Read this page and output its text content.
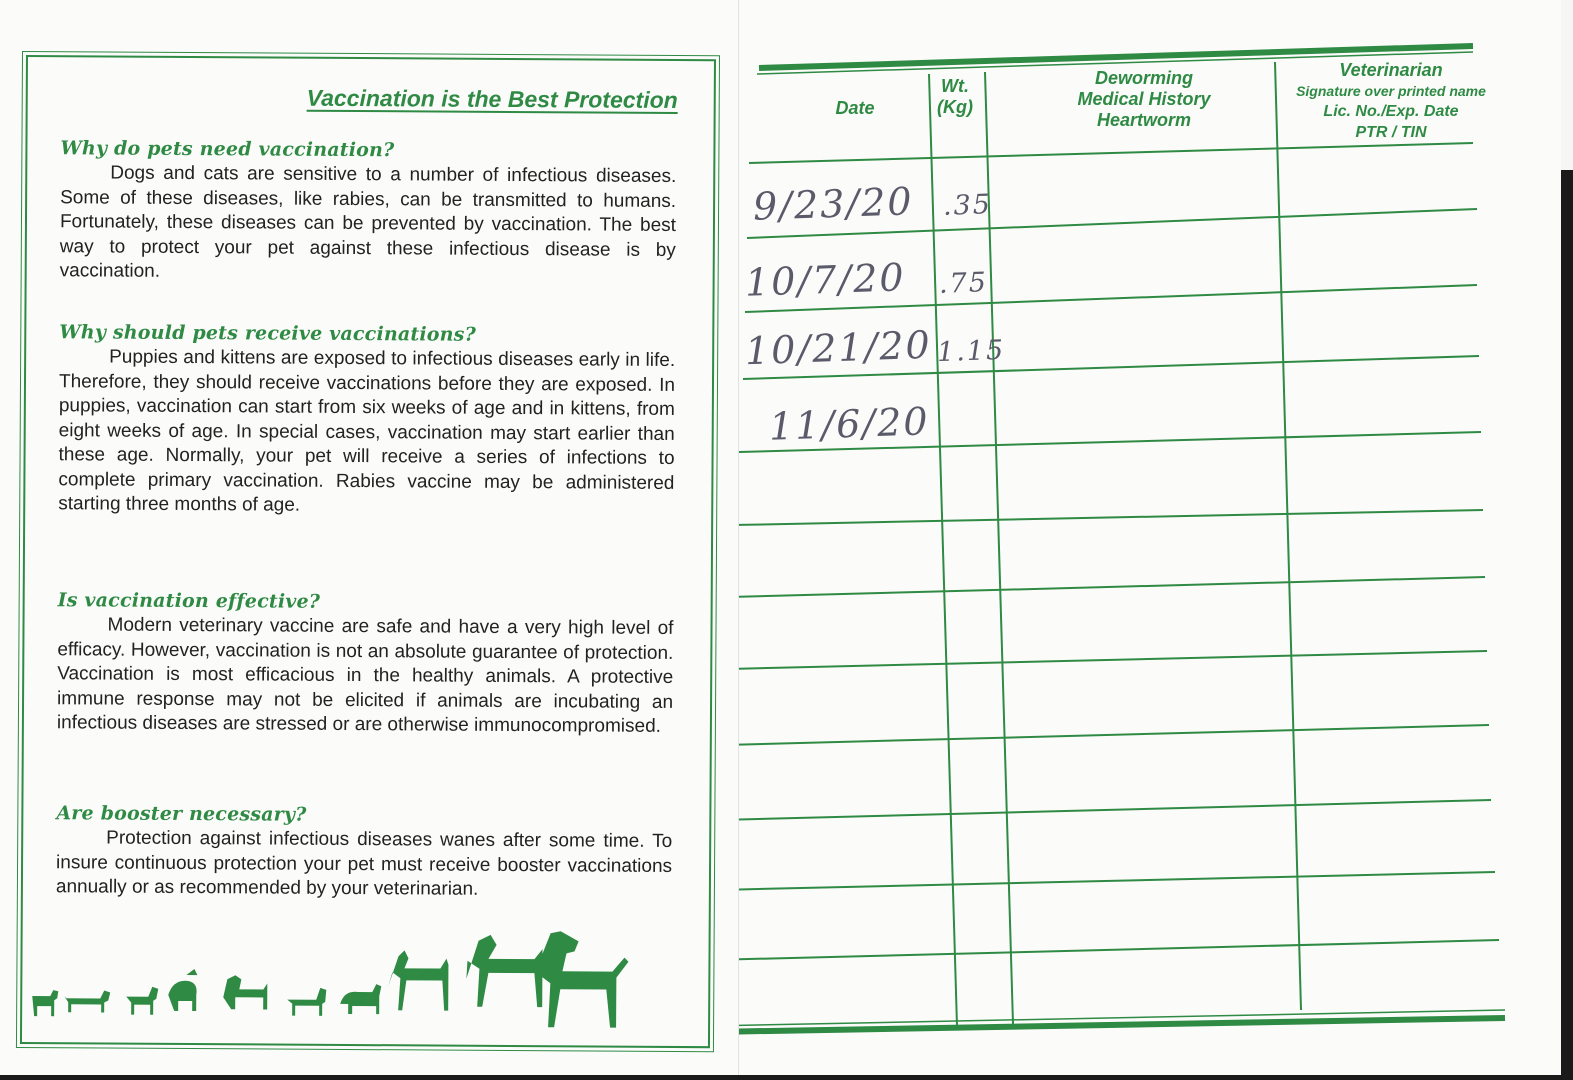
Vaccination is the Best Protection
Why do pets need vaccination?

Dogs and cats are sensitive to a number of infectious diseases. Some of these diseases, like rabies, can be transmitted to humans. Fortunately, these diseases can be prevented by vaccination. The best way to protect your pet against these infectious disease is by vaccination.

Why should pets receive vaccinations?

Puppies and kittens are exposed to infectious diseases early in life. Therefore, they should receive vaccinations before they are exposed. In puppies, vaccination can start from six weeks of age and in kittens, from eight weeks of age. In special cases, vaccination may start earlier than these age. Normally, your pet will receive a series of infections to complete primary vaccination. Rabies vaccine may be administered starting three months of age.

Is vaccination effective?

Modern veterinary vaccine are safe and have a very high level of efficacy. However, vaccination is not an absolute guarantee of protection. Vaccination is most efficacious in the healthy animals. A protective immune response may not be elicited if animals are incubating an infectious diseases are stressed or are otherwise immunocompromised.

Are booster necessary?

Protection against infectious diseases wanes after some time. To insure continuous protection your pet must receive booster vaccinations annually or as recommended by your veterinarian.

Date
Wt.
(Kg)
Deworming
Medical History
Heartworm
Veterinarian
Signature over printed name
Lic. No./Exp. Date
PTR / TIN
9/23/20 .35
10/7/20 .75
10/21/20 1.15
11/6/20
